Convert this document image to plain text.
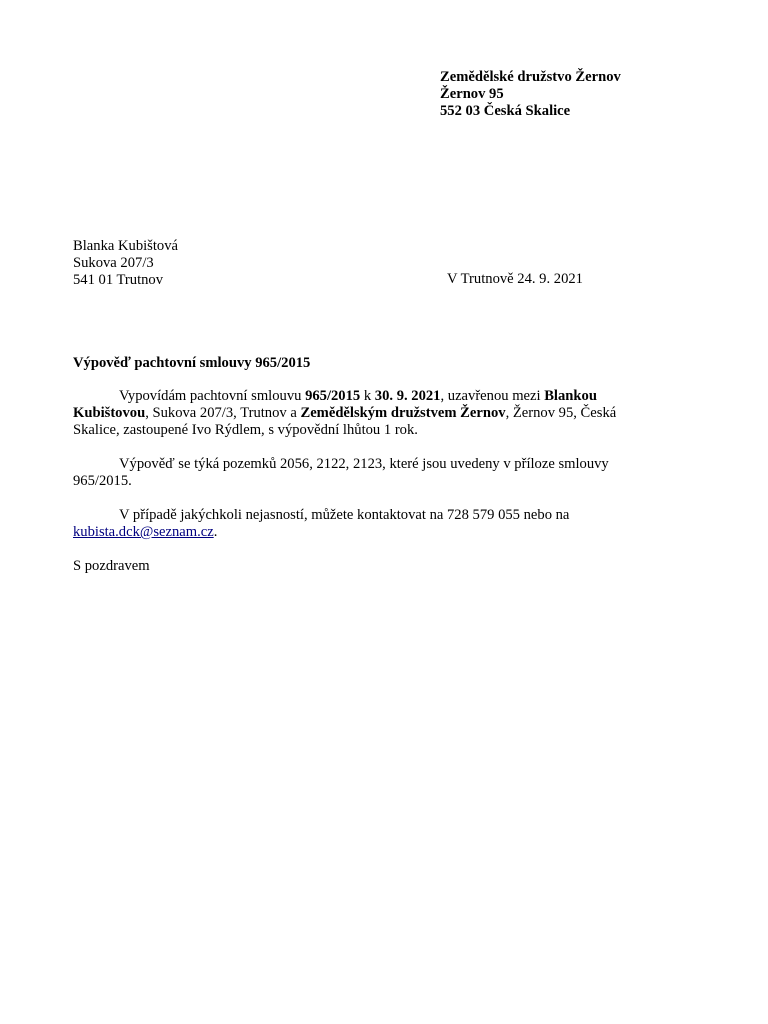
Zemědělské družstvo Žernov
Žernov 95
552 03 Česká Skalice
Blanka Kubištová
Sukova 207/3
541 01 Trutnov	V Trutnově 24. 9. 2021
Výpověď pachtovní smlouvy 965/2015

Vypovídám pachtovní smlouvu 965/2015 k 30. 9. 2021, uzavřenou mezi Blankou Kubištovou, Sukova 207/3, Trutnov a Zemědělským družstvem Žernov, Žernov 95, Česká Skalice, zastoupené Ivo Rýdlem, s výpovědní lhůtou 1 rok.

Výpověď se týká pozemků 2056, 2122, 2123, které jsou uvedeny v příloze smlouvy 965/2015.

V případě jakýchkoli nejasností, můžete kontaktovat na 728 579 055 nebo na kubista.dck@seznam.cz.

S pozdravem
